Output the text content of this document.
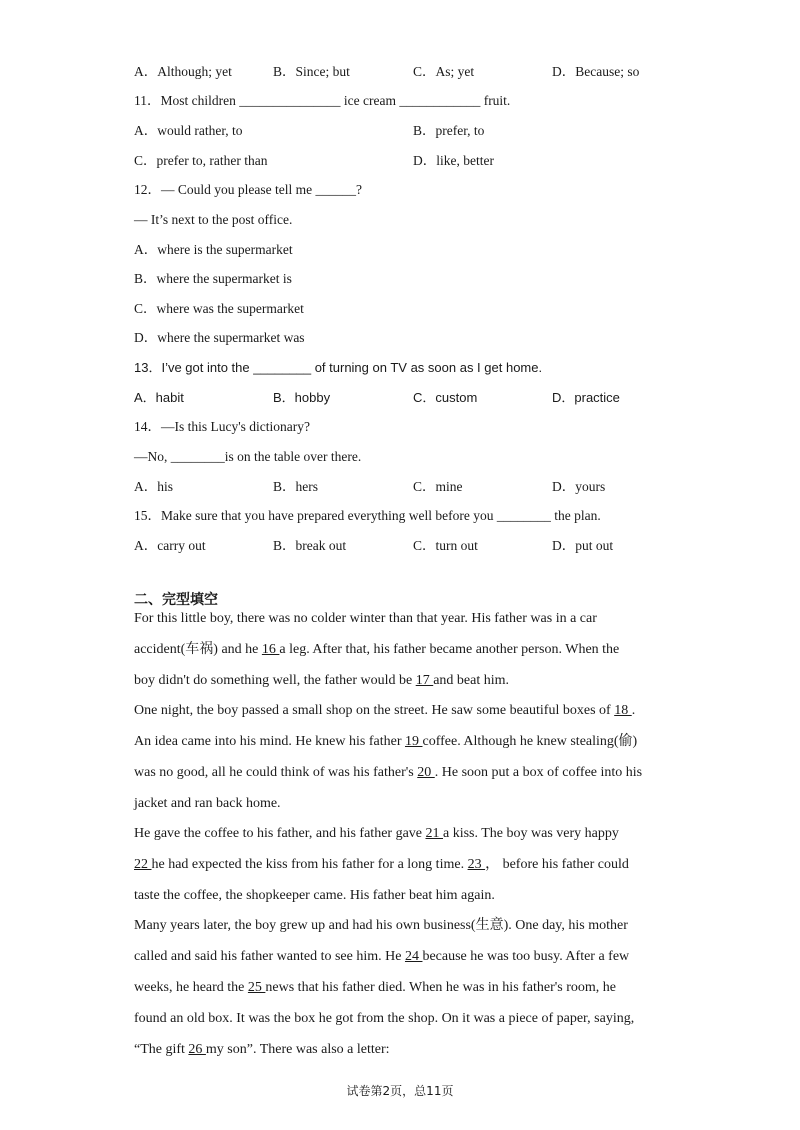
A．Although; yet	B．Since; but	C．As; yet	D．Because; so
11．Most children _______________ ice cream ____________ fruit.
A．would rather, to	B．prefer, to
C．prefer to, rather than	D．like, better
12．— Could you please tell me ______?
— It’s next to the post office.
A．where is the supermarket
B．where the supermarket is
C．where was the supermarket
D．where the supermarket was
13．I’ve got into the ________ of turning on TV as soon as I get home.
A．habit	B．hobby	C．custom	D．practice
14．—Is this Lucy's dictionary?
—No, ________is on the table over there.
A．his	B．hers	C．mine	D．yours
15．Make sure that you have prepared everything well before you ________ the plan.
A．carry out	B．break out	C．turn out	D．put out
二、完型填空
For this little boy, there was no colder winter than that year. His father was in a car
accident(车祸) and he 16 a leg. After that, his father became another person. When the
boy didn't do something well, the father would be 17 and beat him.
One night, the boy passed a small shop on the street. He saw some beautiful boxes of 18 .
An idea came into his mind. He knew his father 19 coffee. Although he knew stealing(偷)
was no good, all he could think of was his father's 20 . He soon put a box of coffee into his
jacket and ran back home.
He gave the coffee to his father, and his father gave 21 a kiss. The boy was very happy
22 he had expected the kiss from his father for a long time. 23 ， before his father could
taste the coffee, the shopkeeper came. His father beat him again.
Many years later, the boy grew up and had his own business(生意). One day, his mother
called and said his father wanted to see him. He 24 because he was too busy. After a few
weeks, he heard the 25 news that his father died. When he was in his father's room, he
found an old box. It was the box he got from the shop. On it was a piece of paper, saying,
“The gift 26 my son”. There was also a letter:
试卷第2页，总11页
